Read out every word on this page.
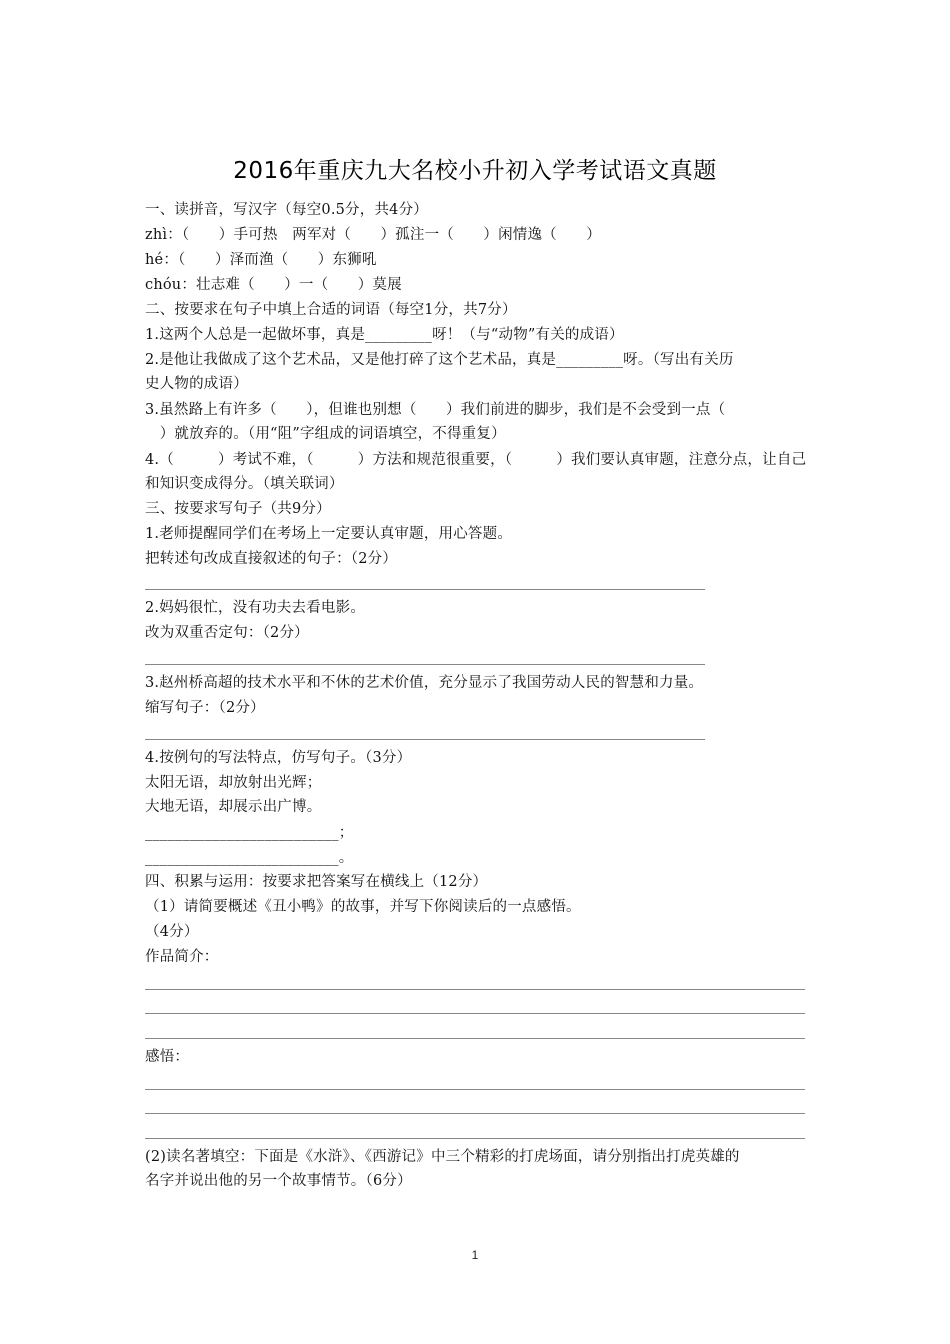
2016年重庆九大名校小升初入学考试语文真题
一、读拼音，写汉字（每空0.5分，共4分）
zhì：（　　）手可热　两军对（　　）孤注一（　　）闲情逸（　　）
hé：（　　）泽而渔（　　）东狮吼
chóu：壮志难（　　）一（　　）莫展
二、按要求在句子中填上合适的词语（每空1分，共7分）
1.这两个人总是一起做坏事，真是_________呀！（与“动物”有关的成语）
2.是他让我做成了这个艺术品，又是他打碎了这个艺术品，真是_________呀。（写出有关历
史人物的成语）
3.虽然路上有许多（　　），但谁也别想（　　）我们前进的脚步，我们是不会受到一点（
　）就放弃的。（用“阻”字组成的词语填空，不得重复）
4.（　　　）考试不难，（　　　）方法和规范很重要，（　　　）我们要认真审题，注意分点，让自己
和知识变成得分。（填关联词）
三、按要求写句子（共9分）
1.老师提醒同学们在考场上一定要认真审题，用心答题。
把转述句改成直接叙述的句子：（2分）
2.妈妈很忙，没有功夫去看电影。
改为双重否定句：（2分）
3.赵州桥高超的技术水平和不休的艺术价值，充分显示了我国劳动人民的智慧和力量。
缩写句子：（2分）
4.按例句的写法特点，仿写句子。（3分）
太阳无语，却放射出光辉；
大地无语，却展示出广博。
__________________________；
__________________________。
四、积累与运用：按要求把答案写在横线上（12分）
（1）请简要概述《丑小鸭》的故事，并写下你阅读后的一点感悟。
（4分）
作品简介：
感悟：
(2)读名著填空：下面是《水浒》、《西游记》中三个精彩的打虎场面，请分别指出打虎英雄的
名字并说出他的另一个故事情节。（6分）
1
